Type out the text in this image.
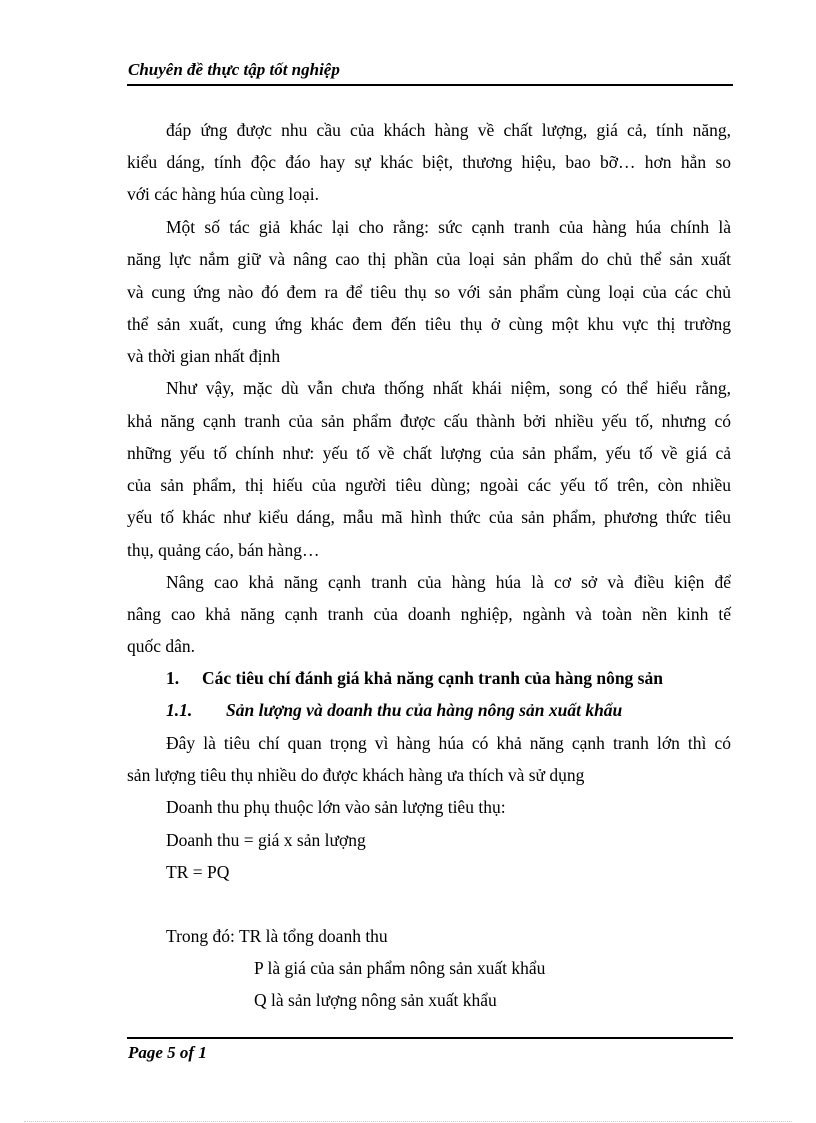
Chuyên đề thực tập tốt nghiệp
đáp ứng được nhu cầu của khách hàng về chất lượng, giá cả, tính năng,
kiểu dáng, tính độc đáo hay sự khác biệt, thương hiệu, bao bỡ… hơn hẳn so
với các hàng húa cùng loại.
Một số tác giả khác lại cho rằng: sức cạnh tranh của hàng húa chính là
năng lực nắm giữ và nâng cao thị phần của loại sản phẩm do chủ thể sản xuất
và cung ứng nào đó đem ra để tiêu thụ so với sản phẩm cùng loại của các chủ
thể sản xuất, cung ứng khác đem đến tiêu thụ ở cùng một khu vực thị trường
và thời gian nhất định
Như vậy, mặc dù vẫn chưa thống nhất khái niệm, song có thể hiểu rằng,
khả năng cạnh tranh của sản phẩm được cấu thành bởi nhiều yếu tố, nhưng có
những yếu tố chính như: yếu tố về chất lượng của sản phẩm, yếu tố về giá cả
của sản phẩm, thị hiếu của người tiêu dùng; ngoài các yếu tố trên, còn nhiều
yếu tố khác như kiểu dáng, mẫu mã hình thức của sản phẩm, phương thức tiêu
thụ, quảng cáo, bán hàng…
Nâng cao khả năng cạnh tranh của hàng húa là cơ sở và điều kiện để
nâng cao khả năng cạnh tranh của doanh nghiệp, ngành và toàn nền kinh tế
quốc dân.
1. Các tiêu chí đánh giá khả năng cạnh tranh của hàng nông sản
1.1. Sản lượng và doanh thu của hàng nông sản xuất khẩu
Đây là tiêu chí quan trọng vì hàng húa có khả năng cạnh tranh lớn thì có
sản lượng tiêu thụ nhiều do được khách hàng ưa thích và sử dụng
Doanh thu phụ thuộc lớn vào sản lượng tiêu thụ:
Doanh thu = giá x sản lượng
TR = PQ
Trong đó: TR là tổng doanh thu
P là giá của sản phẩm nông sản xuất khẩu
Q là sản lượng nông sản xuất khẩu
Page 5 of 1
